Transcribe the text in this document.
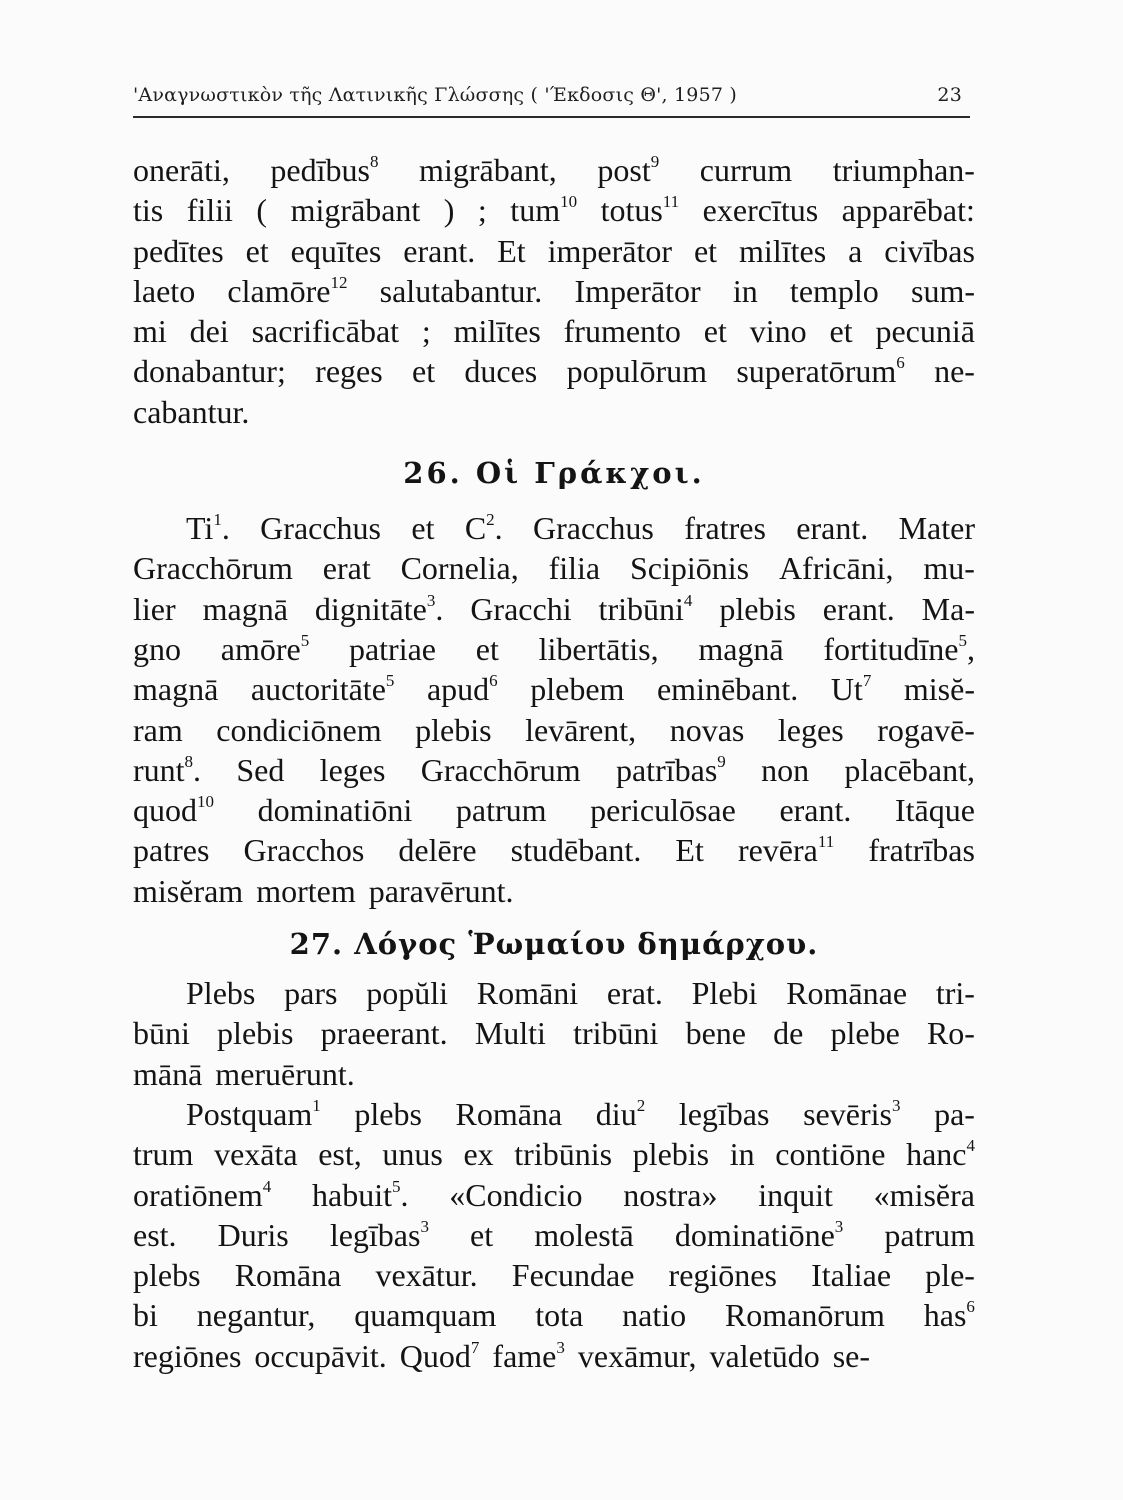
'Αναγνωστικὸν τῆς Λατινικῆς Γλώσσης ( 'Έκδοσις Θ', 1957 )	23
onerāti, pedībus$^8$ migrābant, post$^9$ currum triumphan-
tis filii ( migrābant ) ; tum$^{10}$ totus$^{11}$ exercītus apparēbat:
pedītes et equītes erant. Et imperātor et milītes a civības
laeto clamōre$^{12}$ salutabantur. Imperātor in templo sum-
mi dei sacrificābat ; milītes frumento et vino et pecuniā
donabantur; reges et duces populōrum superatōrum$^6$ ne-
cabantur.
26. Οἱ Γράκχοι.
Ti$^1$. Gracchus et $C^2$. Gracchus fratres erant. Mater
Gracchōrum erat Cornelia, filia Scipiōnis Africāni, mu-
lier magnā dignitāte$^3$. Gracchi tribūni$^4$ plebis erant. Ma-
gno amōre$^5$ patriae et libertātis, magnā fortitudīne$^5$,
magnā auctoritāte$^5$ apud$^6$ plebem eminēbant. Ut$^7$ misĕ-
ram condiciōnem plebis levārent, novas leges rogavē-
runt$^8$. Sed leges Gracchōrum patrības$^9$ non placēbant,
quod$^{10}$ dominatiōni patrum periculōsae erant. Itāque
patres Gracchos delēre studēbant. Et revēra$^{11}$ fratrības
misĕram mortem paravērunt.
27. Λόγος Ῥωμαίου δημάρχου.
Plebs pars popŭli Romāni erat. Plebi Romānae tri-
būni plebis praeerant. Multi tribūni bene de plebe Ro-
mānā meruērunt.
Postquam$^1$ plebs Romāna diu$^2$ legības sevēris$^3$ pa-
trum vexāta est, unus ex tribūnis plebis in contiōne hanc$^4$
oratiōnem$^4$ habuit$^5$. «Condicio nostra» inquit «misĕra
est. Duris legības$^3$ et molestā dominatiōne$^3$ patrum
plebs Romāna vexātur. Fecundae regiōnes Italiae ple-
bi negantur, quamquam tota natio Romanōrum has$^6$
regiōnes occupāvit. Quod$^7$ fame$^3$ vexāmur, valetūdo se-
